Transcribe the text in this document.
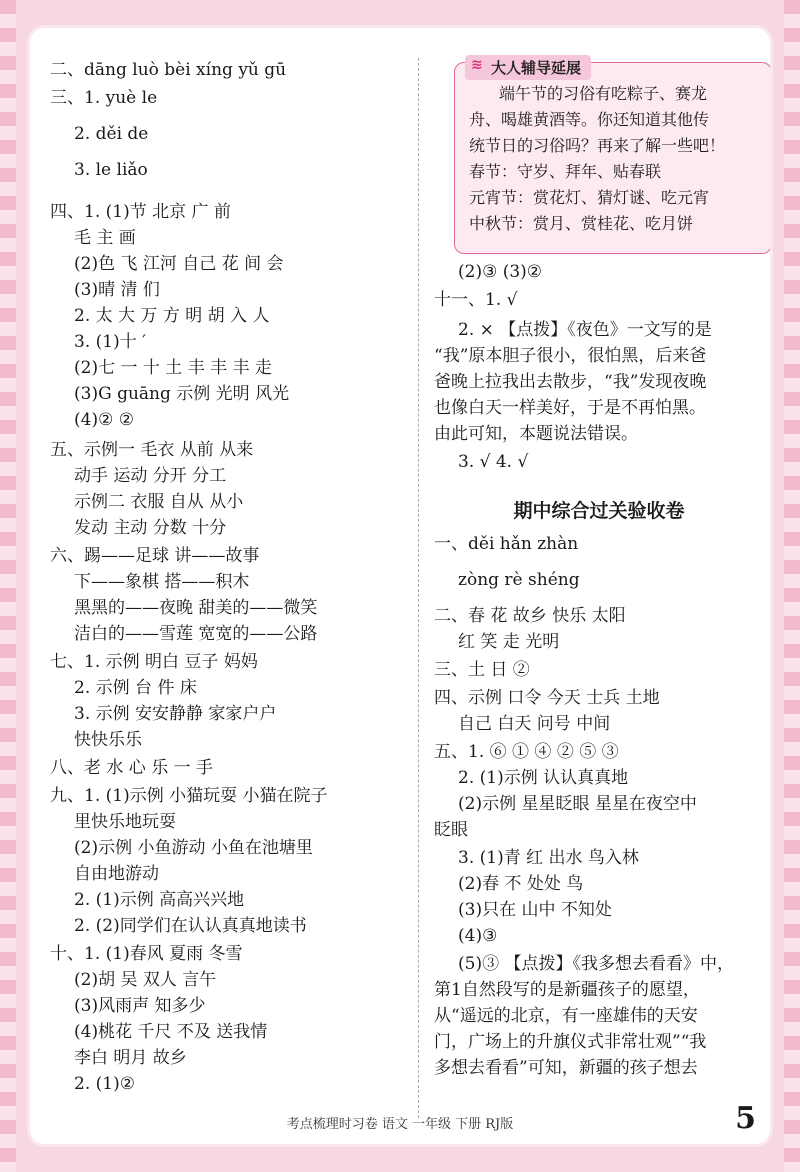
二、dāng luò bèi xíng yǔ gū
三、1. yuè le
2. děi de
3. le liǎo
四、1. (1)节 北京 广 前
毛 主 画
(2)色 飞 江河 自己 花 间 会
(3)晴 清 们
2. 太 大 万 方 明 胡 入 人
3. (1)十 ′
(2)七 一 十 土 丰 丰 丰 走
(3)G guāng 示例 光明 风光
(4)② ②
五、示例一 毛衣 从前 从来
动手 运动 分开 分工
示例二 衣服 自从 从小
发动 主动 分数 十分
六、踢——足球 讲——故事
下——象棋 搭——积木
黑黑的——夜晚 甜美的——微笑
洁白的——雪莲 宽宽的——公路
七、1. 示例 明白 豆子 妈妈
2. 示例 台 件 床
3. 示例 安安静静 家家户户
快快乐乐
八、老 水 心 乐 一 手
九、1. (1)示例 小猫玩耍 小猫在院子
里快乐地玩耍
(2)示例 小鱼游动 小鱼在池塘里
自由地游动
2. (1)示例 高高兴兴地
2. (2)同学们在认认真真地读书
十、1. (1)春风 夏雨 冬雪
(2)胡 吴 双人 言午
(3)风雨声 知多少
(4)桃花 千尺 不及 送我情
李白 明月 故乡
2. (1)②
≋ 大人辅导延展
端午节的习俗有吃粽子、赛龙
舟、喝雄黄酒等。你还知道其他传
统节日的习俗吗？再来了解一些吧！
春节：守岁、拜年、贴春联
元宵节：赏花灯、猜灯谜、吃元宵
中秋节：赏月、赏桂花、吃月饼
(2)③ (3)②
十一、1. √
2. × 【点拨】《夜色》一文写的是
“我”原本胆子很小，很怕黑，后来爸
爸晚上拉我出去散步，“我”发现夜晚
也像白天一样美好，于是不再怕黑。
由此可知，本题说法错误。
3. √ 4. √
期中综合过关验收卷
一、děi hǎn zhàn
zòng rè shéng
二、春 花 故乡 快乐 太阳
红 笑 走 光明
三、土 日 ②
四、示例 口令 今天 士兵 土地
自己 白天 问号 中间
五、1. ⑥ ① ④ ② ⑤ ③
2. (1)示例 认认真真地
(2)示例 星星眨眼 星星在夜空中
眨眼
3. (1)青 红 出水 鸟入林
(2)春 不 处处 鸟
(3)只在 山中 不知处
(4)③
(5)③ 【点拨】《我多想去看看》中，
第1自然段写的是新疆孩子的愿望，
从“遥远的北京，有一座雄伟的天安
门，广场上的升旗仪式非常壮观”“我
多想去看看”可知，新疆的孩子想去
考点梳理时习卷 语文 一年级 下册 RJ版	5
